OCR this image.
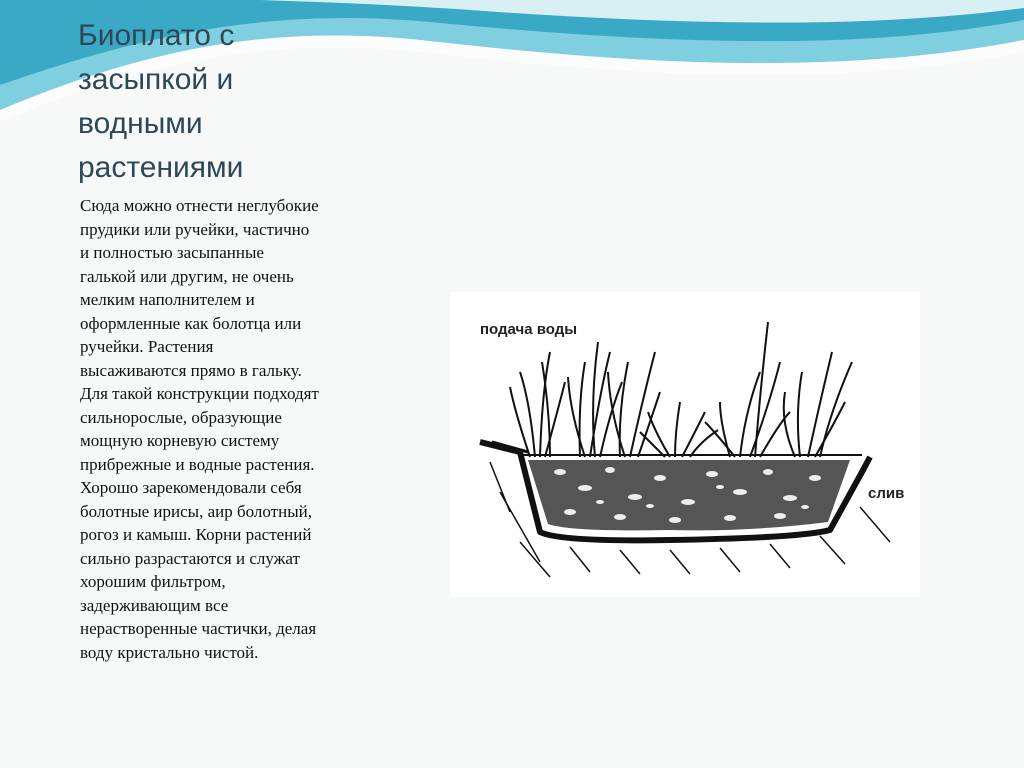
Биоплато с
засыпкой и
водными
растениями
Сюда можно отнести неглубокие
прудики или ручейки, частично
и полностью засыпанные
галькой или другим, не очень
мелким наполнителем и
оформленные как болотца или
ручейки. Растения
высаживаются прямо в гальку.
Для такой конструкции подходят
сильнорослые, образующие
мощную корневую систему
прибрежные и водные растения.
Хорошо зарекомендовали себя
болотные ирисы, аир болотный,
рогоз и камыш. Корни растений
сильно разрастаются и служат
хорошим фильтром,
задерживающим все
нерастворенные частички, делая
воду кристально чистой.
подача воды
слив
